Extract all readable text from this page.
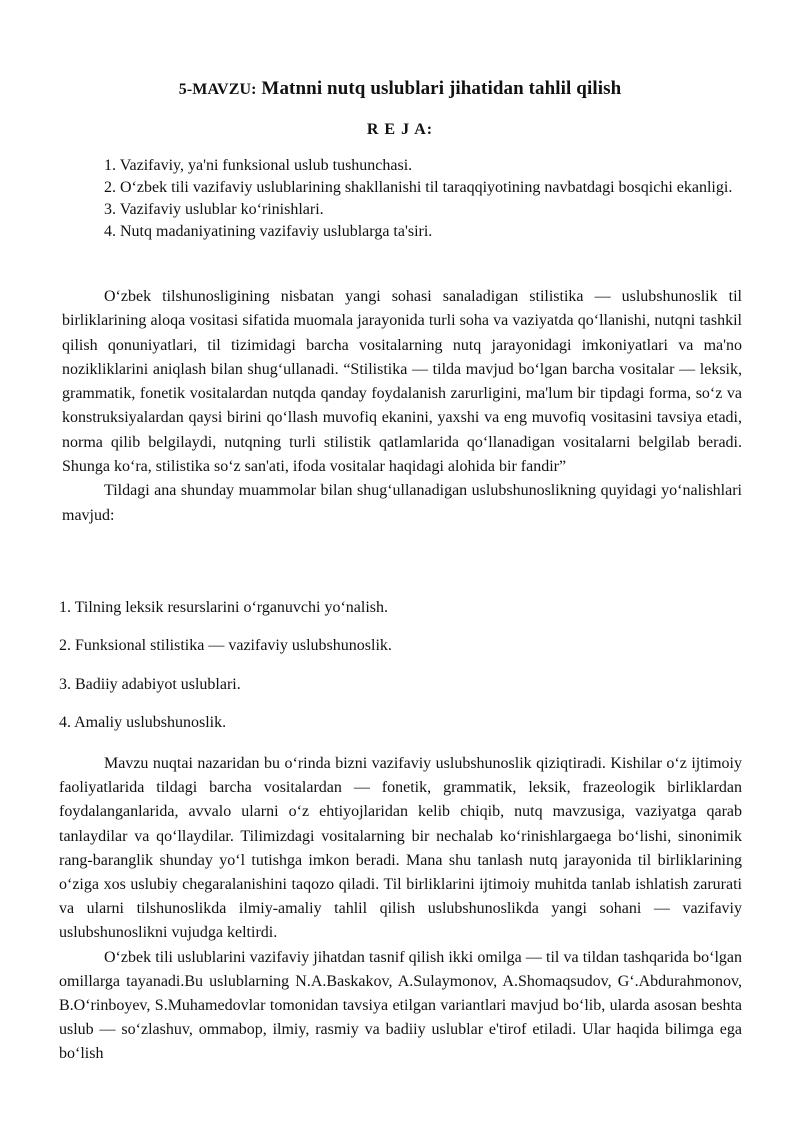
5-MAVZU: Matnni nutq uslublari jihatidan tahlil qilish
R E J A:

1. Vazifaviy, ya'ni funksional uslub tushunchasi.

2. O‘zbek tili vazifaviy uslublarining shakllanishi til taraqqiyotining navbatdagi bosqichi ekanligi.

3. Vazifaviy uslublar ko‘rinishlari.

4. Nutq madaniyatining vazifaviy uslublarga ta'siri.

O‘zbek tilshunosligining nisbatan yangi sohasi sanaladigan stilistika — uslubshunoslik til birliklarining aloqa vositasi sifatida muomala jarayonida turli soha va vaziyatda qo‘llanishi, nutqni tashkil qilish qonuniyatlari, til tizimidagi barcha vositalarning nutq jarayonidagi imkoniyatlari va ma'no nozikliklarini aniqlash bilan shug‘ullanadi. “Stilistika — tilda mavjud bo‘lgan barcha vositalar — leksik, grammatik, fonetik vositalardan nutqda qanday foydalanish zarurligini, ma'lum bir tipdagi forma, so‘z va konstruksiyalardan qaysi birini qo‘llash muvofiq ekanini, yaxshi va eng muvofiq vositasini tavsiya etadi, norma qilib belgilaydi, nutqning turli stilistik qatlamlarida qo‘llanadigan vositalarni belgilab beradi. Shunga ko‘ra, stilistika so‘z san'ati, ifoda vositalar haqidagi alohida bir fandir”

Tildagi ana shunday muammolar bilan shug‘ullanadigan uslubshunoslikning quyidagi yo‘nalishlari mavjud:

1. Tilning leksik resurslarini o‘rganuvchi yo‘nalish.
2. Funksional stilistika — vazifaviy uslubshunoslik.
3. Badiiy adabiyot uslublari.
4. Amaliy uslubshunoslik.

Mavzu nuqtai nazaridan bu o‘rinda bizni vazifaviy uslubshunoslik qiziqtiradi. Kishilar o‘z ijtimoiy faoliyatlarida tildagi barcha vositalardan — fonetik, grammatik, leksik, frazeologik birliklardan foydalanganlarida, avvalo ularni o‘z ehtiyojlaridan kelib chiqib, nutq mavzusiga, vaziyatga qarab tanlaydilar va qo‘llaydilar. Tilimizdagi vositalarning bir nechalab ko‘rinishlargaega bo‘lishi, sinonimik rang-baranglik shunday yo‘l tutishga imkon beradi. Mana shu tanlash nutq jarayonida til birliklarining o‘ziga xos uslubiy chegaralanishini taqozo qiladi. Til birliklarini ijtimoiy muhitda tanlab ishlatish zarurati va ularni tilshunoslikda ilmiy-amaliy tahlil qilish uslubshunoslikda yangi sohani — vazifaviy uslubshunoslikni vujudga keltirdi.

O‘zbek tili uslublarini vazifaviy jihatdan tasnif qilish ikki omilga — til va tildan tashqarida bo‘lgan omillarga tayanadi.Bu uslublarning N.A.Baskakov, A.Sulaymonov, A.Shomaqsudov, G‘.Abdurahmonov, B.O‘rinboyev, S.Muhamedovlar tomonidan tavsiya etilgan variantlari mavjud bo‘lib, ularda asosan beshta uslub — so‘zlashuv, ommabop, ilmiy, rasmiy va badiiy uslublar e'tirof etiladi. Ular haqida bilimga ega bo‘lish
